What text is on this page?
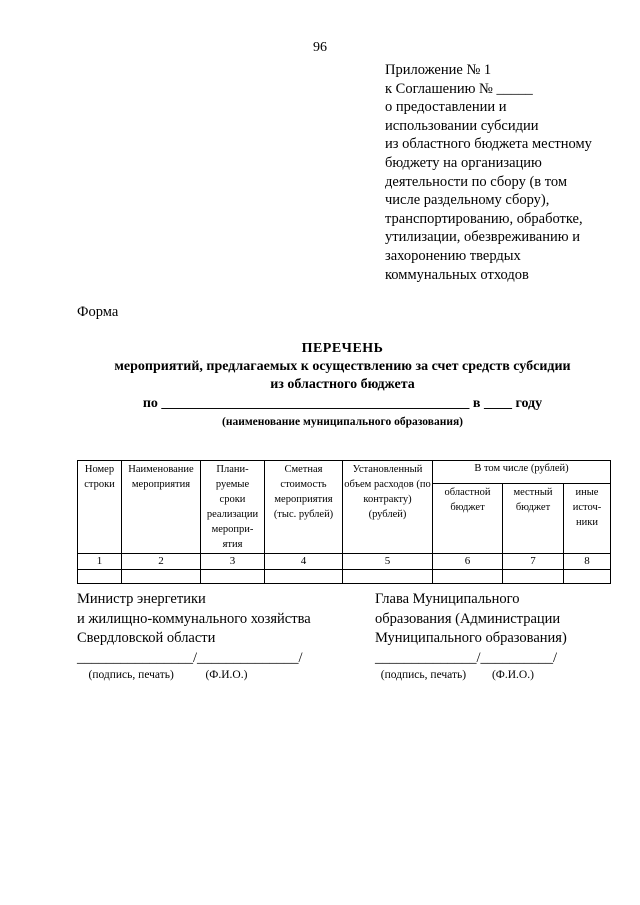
96
Приложение № 1
к Соглашению № _____
о предоставлении и
использовании субсидии
из областного бюджета местному
бюджету на организацию
деятельности по сбору (в том
числе раздельному сбору),
транспортированию, обработке,
утилизации, обезвреживанию и
захоронению твердых
коммунальных отходов
Форма
ПЕРЕЧЕНЬ
мероприятий, предлагаемых к осуществлению за счет средств субсидии
из областного бюджета
по ____________________________________________ в ____ году
(наименование муниципального образования)
Номер строки	Наименование мероприятия	Плани- руемые сроки реализации меропри- ятия	Сметная стоимость мероприятия (тыс. рублей)	Установленный объем расходов (по контракту) (рублей)	В том числе (рублей)		
					областной бюджет	местный бюджет	иные источ- ники
1	2	3	4	5	6	7	8

Министр энергетики
и жилищно-коммунального хозяйства
Свердловской области
________________/______________/
(подпись, печать)           (Ф.И.О.)
Глава Муниципального
образования (Администрации
Муниципального образования)
______________/__________/
(подпись, печать)         (Ф.И.О.)
